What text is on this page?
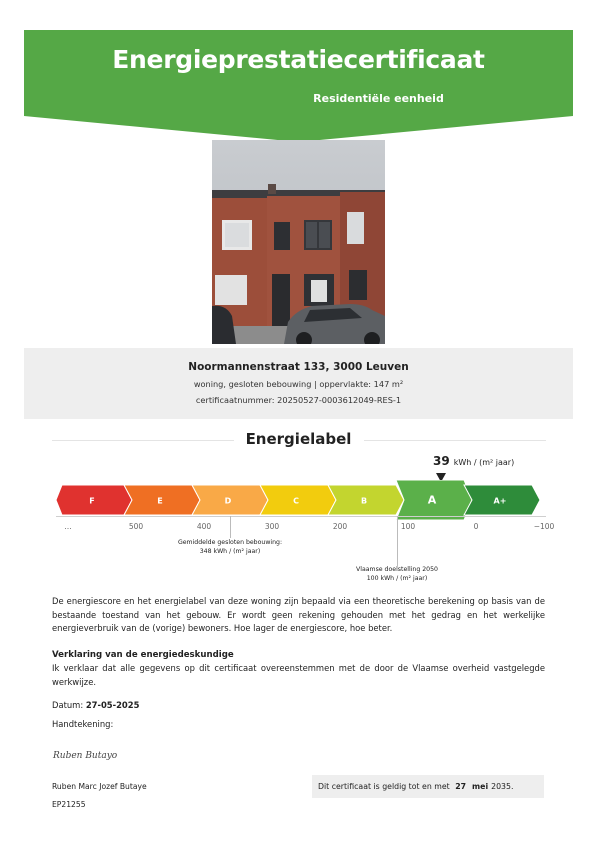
Energieprestatiecertificaat
Residentiële eenheid
Noormannenstraat 133, 3000 Leuven
woning, gesloten bebouwing | oppervlakte: 147 m²
certificaatnummer: 20250527-0003612049-RES-1
Energielabel
39 kWh / (m² jaar)
F	E	D	C	B	A	A+
…	500	400	300	200	100	0	−100
Gemiddelde gesloten bebouwing:
348 kWh / (m² jaar)
Vlaamse doelstelling 2050
100 kWh / (m² jaar)
De energiescore en het energielabel van deze woning zijn bepaald via een theoretische berekening op basis van de bestaande toestand van het gebouw. Er wordt geen rekening gehouden met het gedrag en het werkelijke energieverbruik van de (vorige) bewoners. Hoe lager de energiescore, hoe beter.
Verklaring van de energiedeskundige
Ik verklaar dat alle gegevens op dit certificaat overeenstemmen met de door de Vlaamse overheid vastgelegde werkwijze.
Datum: 27-05-2025
Handtekening:
Ruben Butayo
Ruben Marc Jozef Butaye
EP21255
Dit certificaat is geldig tot en met 27 mei 2035.
